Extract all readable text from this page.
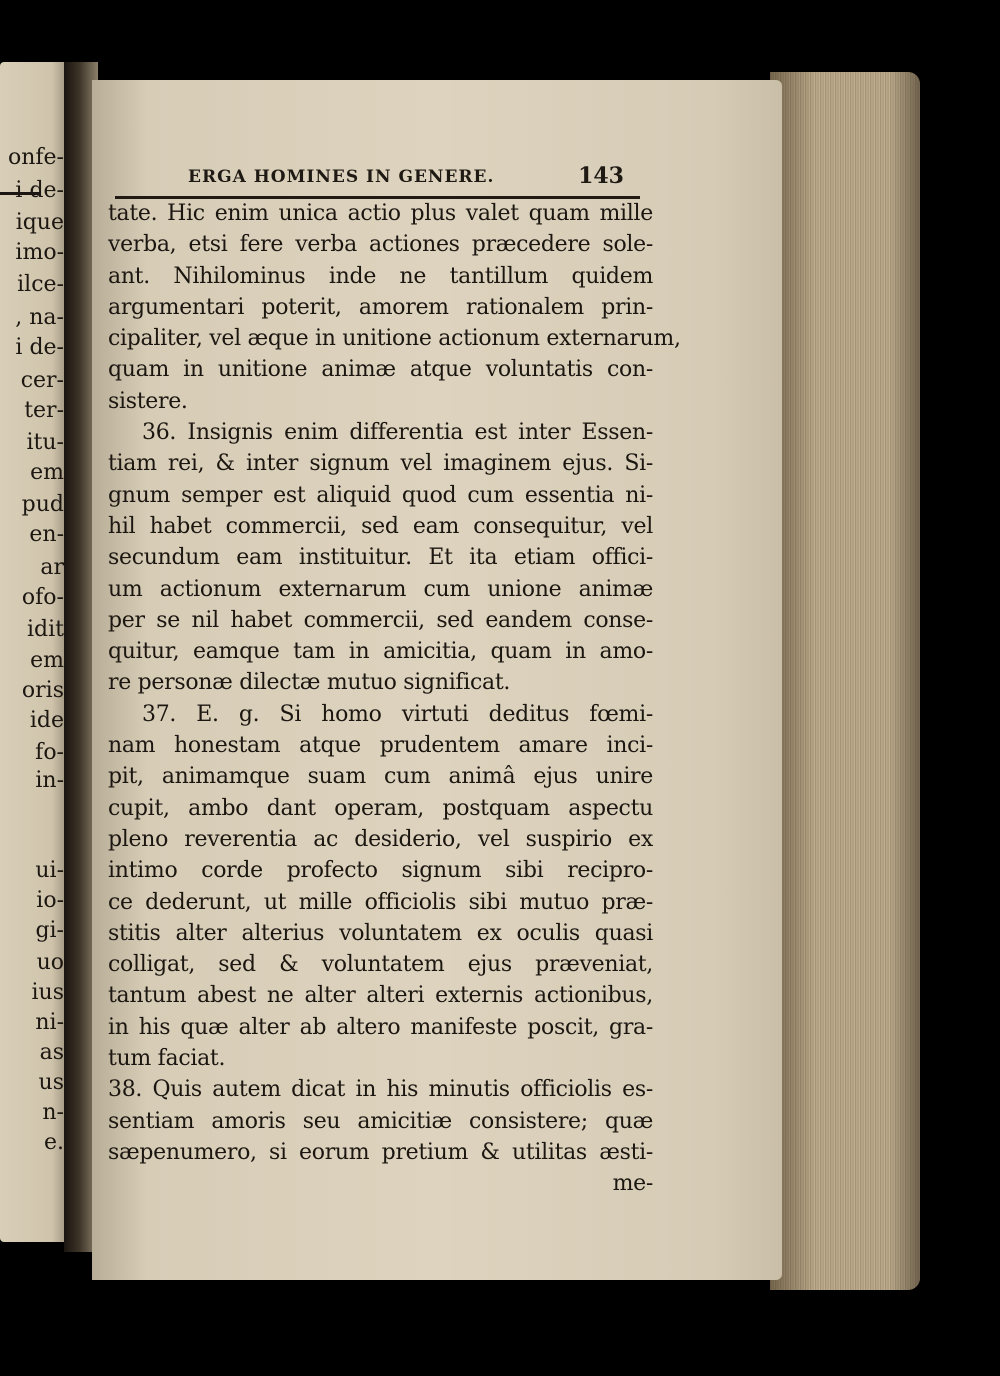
onfe-
i de-
ique
imo-
ilce-
, na-
i de-
cer-
ter-
itu-
em
pud
en-
ar
ofo-
idit
em
oris
ide
fo-
in-
ui-
io-
gi-
uo
ius
ni-
as
us
n-
e.
ERGA HOMINES IN GENERE.	143
tate. Hic enim unica actio plus valet quam mille
verba, etsi fere verba actiones præcedere sole-
ant. Nihilominus inde ne tantillum quidem
argumentari poterit, amorem rationalem prin-
cipaliter, vel æque in unitione actionum externarum,
quam in unitione animæ atque voluntatis con-
sistere.
36. Insignis enim differentia est inter Essen-
tiam rei, & inter signum vel imaginem ejus. Si-
gnum semper est aliquid quod cum essentia ni-
hil habet commercii, sed eam consequitur, vel
secundum eam instituitur. Et ita etiam offici-
um actionum externarum cum unione animæ
per se nil habet commercii, sed eandem conse-
quitur, eamque tam in amicitia, quam in amo-
re personæ dilectæ mutuo significat.
37. E. g. Si homo virtuti deditus fœmi-
nam honestam atque prudentem amare inci-
pit, animamque suam cum animâ ejus unire
cupit, ambo dant operam, postquam aspectu
pleno reverentia ac desiderio, vel suspirio ex
intimo corde profecto signum sibi recipro-
ce dederunt, ut mille officiolis sibi mutuo præ-
stitis alter alterius voluntatem ex oculis quasi
colligat, sed & voluntatem ejus præveniat,
tantum abest ne alter alteri externis actionibus,
in his quæ alter ab altero manifeste poscit, gra-
tum faciat.
38. Quis autem dicat in his minutis officiolis es-
sentiam amoris seu amicitiæ consistere; quæ
sæpenumero, si eorum pretium & utilitas æsti-
me-
